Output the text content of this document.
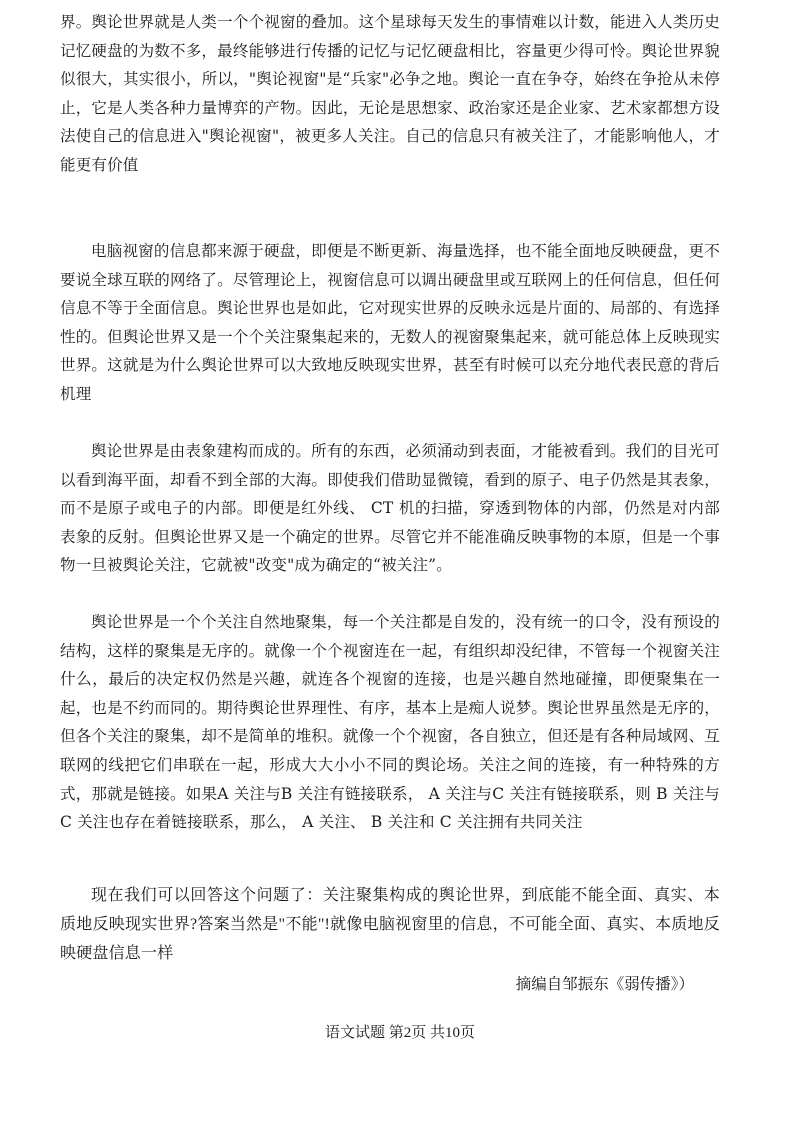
界。舆论世界就是人类一个个视窗的叠加。这个星球每天发生的事情难以计数，能进入人类历史记忆硬盘的为数不多，最终能够进行传播的记忆与记忆硬盘相比，容量更少得可怜。舆论世界貌似很大，其实很小，所以，"舆论视窗"是“兵家"必争之地。舆论一直在争夺，始终在争抢从未停止，它是人类各种力量博弈的产物。因此，无论是思想家、政治家还是企业家、艺术家都想方设法使自己的信息进入"舆论视窗"，被更多人关注。自己的信息只有被关注了，才能影响他人，才能更有价值

电脑视窗的信息都来源于硬盘，即便是不断更新、海量选择，也不能全面地反映硬盘，更不要说全球互联的网络了。尽管理论上，视窗信息可以调出硬盘里或互联网上的任何信息，但任何信息不等于全面信息。舆论世界也是如此，它对现实世界的反映永远是片面的、局部的、有选择性的。但舆论世界又是一个个关注聚集起来的，无数人的视窗聚集起来，就可能总体上反映现实世界。这就是为什么舆论世界可以大致地反映现实世界，甚至有时候可以充分地代表民意的背后机理

舆论世界是由表象建构而成的。所有的东西，必须涌动到表面，才能被看到。我们的目光可以看到海平面，却看不到全部的大海。即使我们借助显微镜，看到的原子、电子仍然是其表象，而不是原子或电子的内部。即便是红外线、 CT 机的扫描，穿透到物体的内部，仍然是对内部表象的反射。但舆论世界又是一个确定的世界。尽管它并不能准确反映事物的本原，但是一个事物一旦被舆论关注，它就被"改变"成为确定的“被关注”。

舆论世界是一个个关注自然地聚集，每一个关注都是自发的，没有统一的口令，没有预设的结构，这样的聚集是无序的。就像一个个视窗连在一起，有组织却没纪律，不管每一个视窗关注什么，最后的决定权仍然是兴趣，就连各个视窗的连接，也是兴趣自然地碰撞，即便聚集在一起，也是不约而同的。期待舆论世界理性、有序，基本上是痴人说梦。舆论世界虽然是无序的，但各个关注的聚集，却不是简单的堆积。就像一个个视窗，各自独立，但还是有各种局域网、互联网的线把它们串联在一起，形成大大小小不同的舆论场。关注之间的连接，有一种特殊的方式，那就是链接。如果A 关注与B 关注有链接联系， A 关注与C 关注有链接联系，则 B 关注与C 关注也存在着链接联系，那么， A 关注、 B 关注和 C 关注拥有共同关注

现在我们可以回答这个问题了：关注聚集构成的舆论世界，到底能不能全面、真实、本质地反映现实世界?答案当然是"不能"!就像电脑视窗里的信息，不可能全面、真实、本质地反映硬盘信息一样

摘编自邹振东《弱传播》）

语文试题 第2页 共10页
